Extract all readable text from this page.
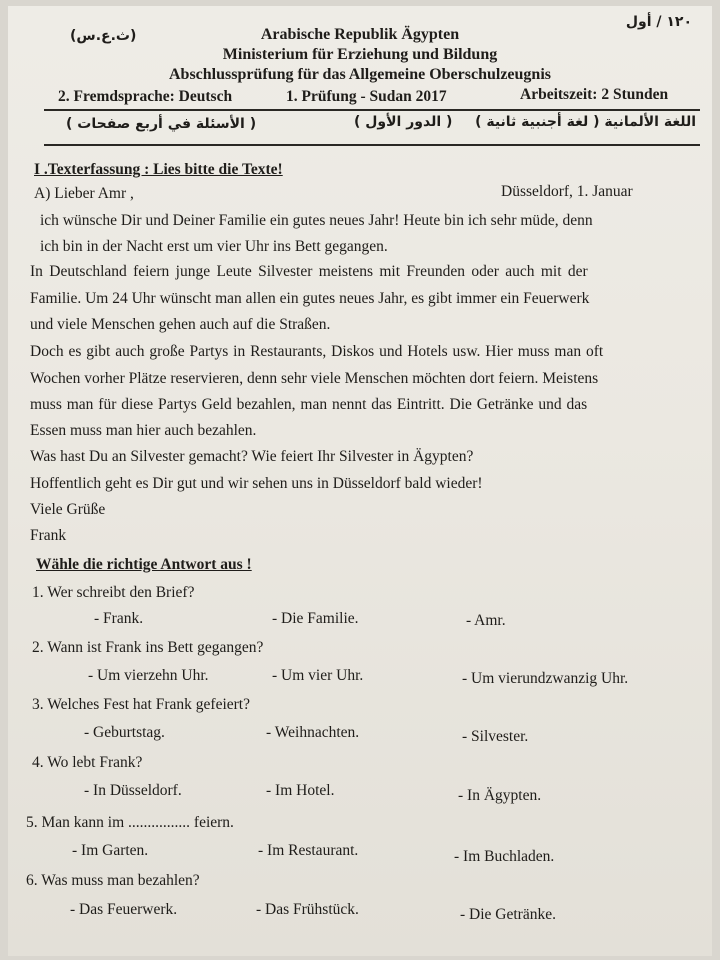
(ث.ع.س)
١٢٠ / أول
Arabische Republik Ägypten
Ministerium für Erziehung und Bildung
Abschlussprüfung für das Allgemeine Oberschulzeugnis
2. Fremdsprache: Deutsch	1. Prüfung - Sudan 2017	Arbeitszeit: 2 Stunden
( الأسئلة في أربع صفحات )	( الدور الأول ) اللغة الألمانية ( لغة أجنبية ثانية )
I .Texterfassung : Lies bitte die Texte!
A) Lieber Amr ,	Düsseldorf, 1. Januar
ich wünsche Dir und Deiner Familie ein gutes neues Jahr! Heute bin ich sehr müde, denn
ich bin in der Nacht erst um vier Uhr ins Bett gegangen.
In Deutschland feiern junge Leute Silvester meistens mit Freunden oder auch mit der
Familie. Um 24 Uhr wünscht man allen ein gutes neues Jahr, es gibt immer ein Feuerwerk
und viele Menschen gehen auch auf die Straßen.
Doch es gibt auch große Partys in Restaurants, Diskos und Hotels usw. Hier muss man oft
Wochen vorher Plätze reservieren, denn sehr viele Menschen möchten dort feiern. Meistens
muss man für diese Partys Geld bezahlen, man nennt das Eintritt. Die Getränke und das
Essen muss man hier auch bezahlen.
Was hast Du an Silvester gemacht? Wie feiert Ihr Silvester in Ägypten?
Hoffentlich geht es Dir gut und wir sehen uns in Düsseldorf bald wieder!
Viele Grüße
Frank
Wähle die richtige Antwort aus !
1. Wer schreibt den Brief?
- Frank.	- Die Familie.	- Amr.
2. Wann ist Frank ins Bett gegangen?
- Um vierzehn Uhr.	- Um vier Uhr.	- Um vierundzwanzig Uhr.
3. Welches Fest hat Frank gefeiert?
- Geburtstag.	- Weihnachten.	- Silvester.
4. Wo lebt Frank?
- In Düsseldorf.	- Im Hotel.	- In Ägypten.
5. Man kann im ................ feiern.
- Im Garten.	- Im Restaurant.	- Im Buchladen.
6. Was muss man bezahlen?
- Das Feuerwerk.	- Das Frühstück.	- Die Getränke.
